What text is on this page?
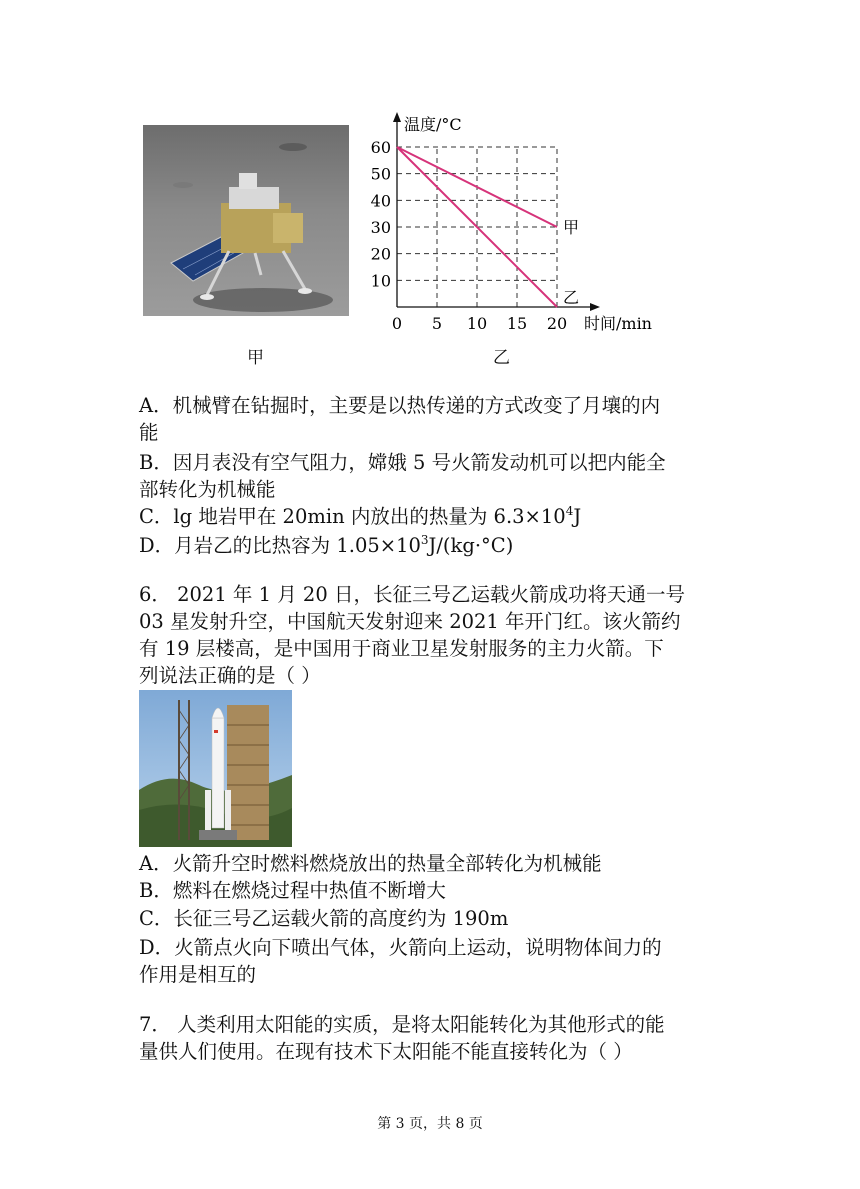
温度/°C
时间/min
0 5 10 15 20
10
20
30
40
50
60
甲
乙
甲	乙
A．机械臂在钻掘时，主要是以热传递的方式改变了月壤的内
能
B．因月表没有空气阻力，嫦娥 5 号火箭发动机可以把内能全
部转化为机械能
C．lg 地岩甲在 20min 内放出的热量为 $6.3\times 10^4J$
D．月岩乙的比热容为 $1.05\times 10^3J/(kg\cdot^\circ C)$
6． 2021 年 1 月 20 日，长征三号乙运载火箭成功将天通一号
03 星发射升空，中国航天发射迎来 2021 年开门红。该火箭约
有 19 层楼高，是中国用于商业卫星发射服务的主力火箭。下
列说法正确的是（ ）
A．火箭升空时燃料燃烧放出的热量全部转化为机械能
B．燃料在燃烧过程中热值不断增大
C．长征三号乙运载火箭的高度约为 190m
D．火箭点火向下喷出气体，火箭向上运动，说明物体间力的
作用是相互的
7． 人类利用太阳能的实质，是将太阳能转化为其他形式的能
量供人们使用。在现有技术下太阳能不能直接转化为（ ）
第 3 页，共 8 页
